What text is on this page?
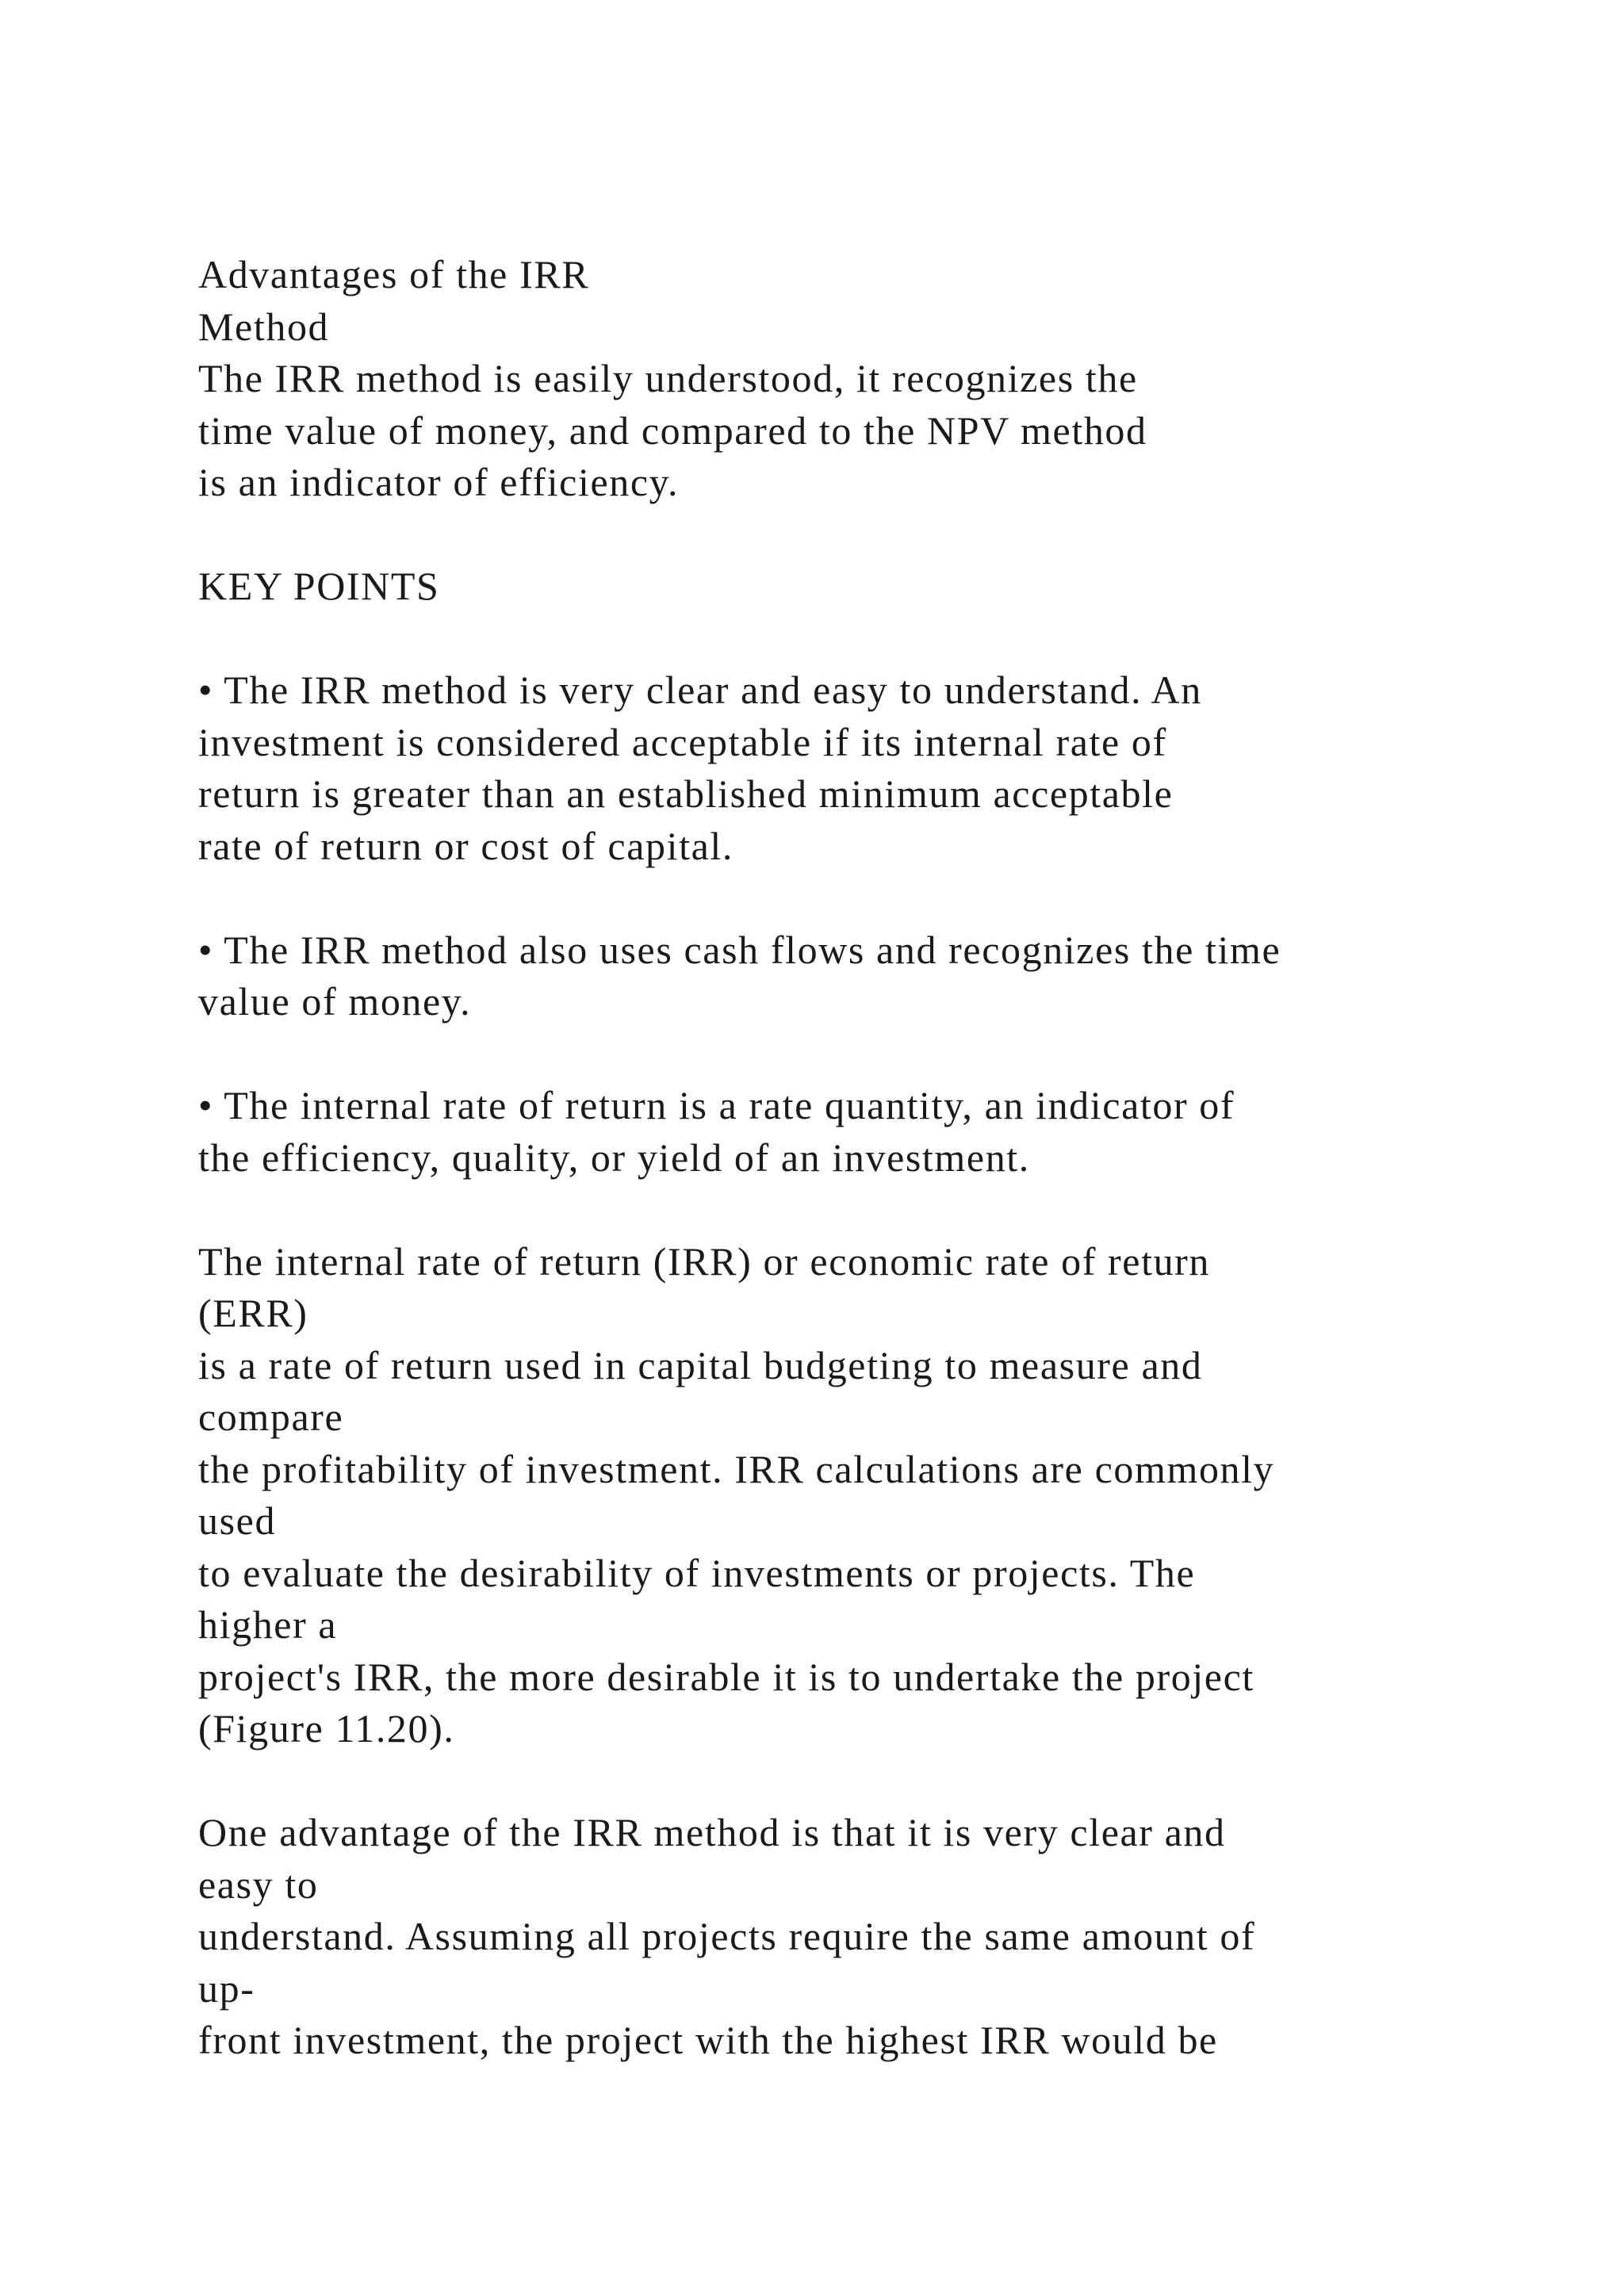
Advantages of the IRR
Method
The IRR method is easily understood, it recognizes the
time value of money, and compared to the NPV method
is an indicator of efficiency.
KEY POINTS
• The IRR method is very clear and easy to understand. An
investment is considered acceptable if its internal rate of
return is greater than an established minimum acceptable
rate of return or cost of capital.
• The IRR method also uses cash flows and recognizes the time
value of money.
• The internal rate of return is a rate quantity, an indicator of
the efficiency, quality, or yield of an investment.
The internal rate of return (IRR) or economic rate of return
(ERR)
is a rate of return used in capital budgeting to measure and
compare
the profitability of investment. IRR calculations are commonly
used
to evaluate the desirability of investments or projects. The
higher a
project's IRR, the more desirable it is to undertake the project
(Figure 11.20).
One advantage of the IRR method is that it is very clear and
easy to
understand. Assuming all projects require the same amount of
up-
front investment, the project with the highest IRR would be
